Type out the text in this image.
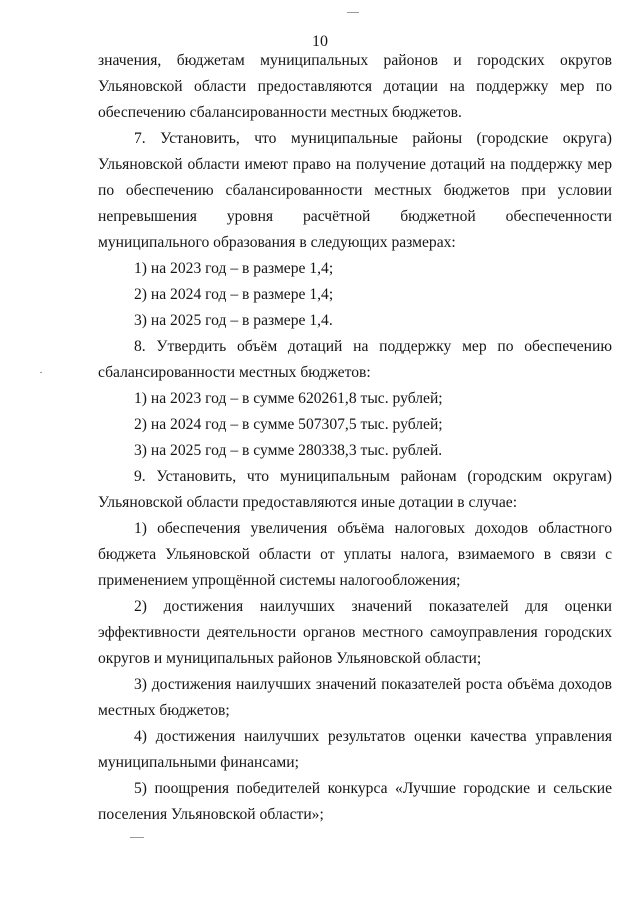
10

значения, бюджетам муниципальных районов и городских округов Ульяновской области предоставляются дотации на поддержку мер по обеспечению сбалансированности местных бюджетов.

7. Установить, что муниципальные районы (городские округа) Ульяновской области имеют право на получение дотаций на поддержку мер по обеспечению сбалансированности местных бюджетов при условии непревышения уровня расчётной бюджетной обеспеченности муниципального образования в следующих размерах:

1) на 2023 год – в размере 1,4;

2) на 2024 год – в размере 1,4;

3) на 2025 год – в размере 1,4.

8. Утвердить объём дотаций на поддержку мер по обеспечению сбалансированности местных бюджетов:

1) на 2023 год – в сумме 620261,8 тыс. рублей;

2) на 2024 год – в сумме 507307,5 тыс. рублей;

3) на 2025 год – в сумме 280338,3 тыс. рублей.

9. Установить, что муниципальным районам (городским округам) Ульяновской области предоставляются иные дотации в случае:

1) обеспечения увеличения объёма налоговых доходов областного бюджета Ульяновской области от уплаты налога, взимаемого в связи с применением упрощённой системы налогообложения;

2) достижения наилучших значений показателей для оценки эффективности деятельности органов местного самоуправления городских округов и муниципальных районов Ульяновской области;

3) достижения наилучших значений показателей роста объёма доходов местных бюджетов;

4) достижения наилучших результатов оценки качества управления муниципальными финансами;

5) поощрения победителей конкурса «Лучшие городские и сельские поселения Ульяновской области»;
